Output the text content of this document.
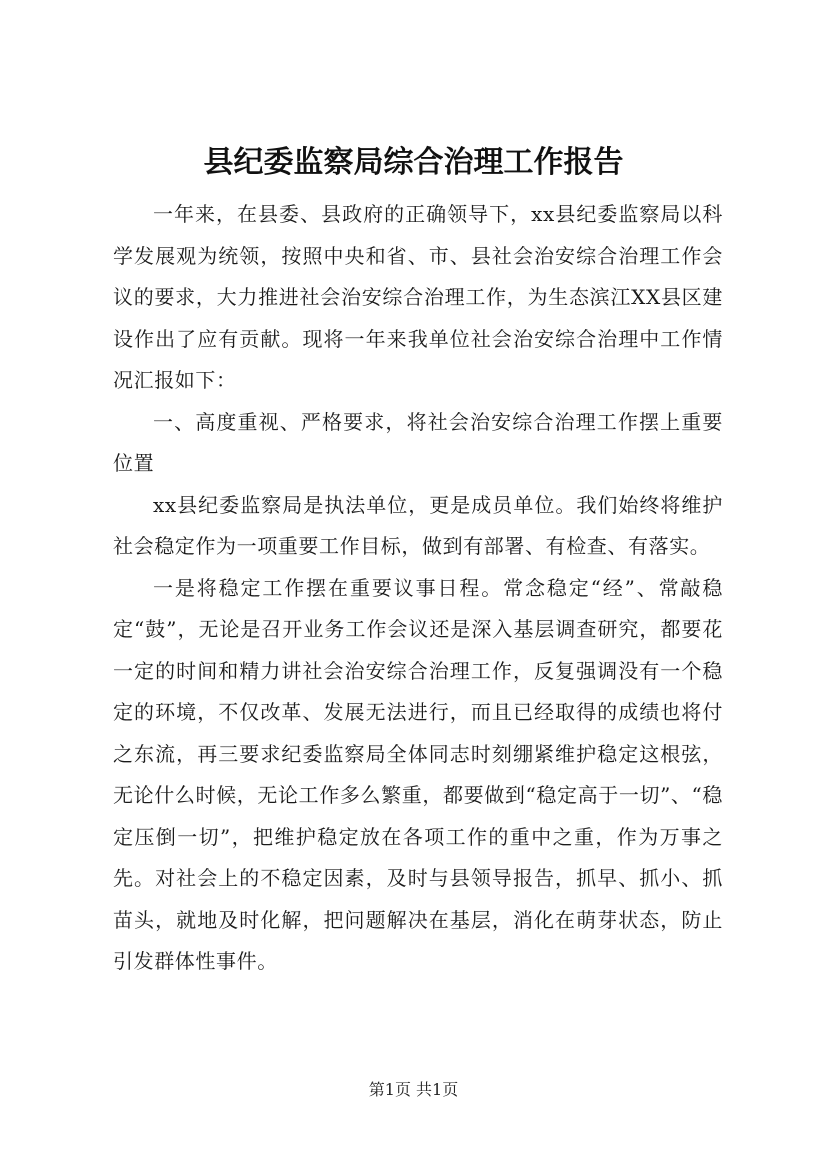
县纪委监察局综合治理工作报告

一年来，在县委、县政府的正确领导下，xx县纪委监察局以科学发展观为统领，按照中央和省、市、县社会治安综合治理工作会议的要求，大力推进社会治安综合治理工作，为生态滨江XX县区建设作出了应有贡献。现将一年来我单位社会治安综合治理中工作情况汇报如下：

一、高度重视、严格要求，将社会治安综合治理工作摆上重要位置

xx县纪委监察局是执法单位，更是成员单位。我们始终将维护社会稳定作为一项重要工作目标，做到有部署、有检查、有落实。

一是将稳定工作摆在重要议事日程。常念稳定“经”、常敲稳定“鼓”，无论是召开业务工作会议还是深入基层调查研究，都要花一定的时间和精力讲社会治安综合治理工作，反复强调没有一个稳定的环境，不仅改革、发展无法进行，而且已经取得的成绩也将付之东流，再三要求纪委监察局全体同志时刻绷紧维护稳定这根弦，无论什么时候，无论工作多么繁重，都要做到“稳定高于一切”、“稳定压倒一切”，把维护稳定放在各项工作的重中之重，作为万事之先。对社会上的不稳定因素，及时与县领导报告，抓早、抓小、抓苗头，就地及时化解，把问题解决在基层，消化在萌芽状态，防止引发群体性事件。

第1页 共1页
